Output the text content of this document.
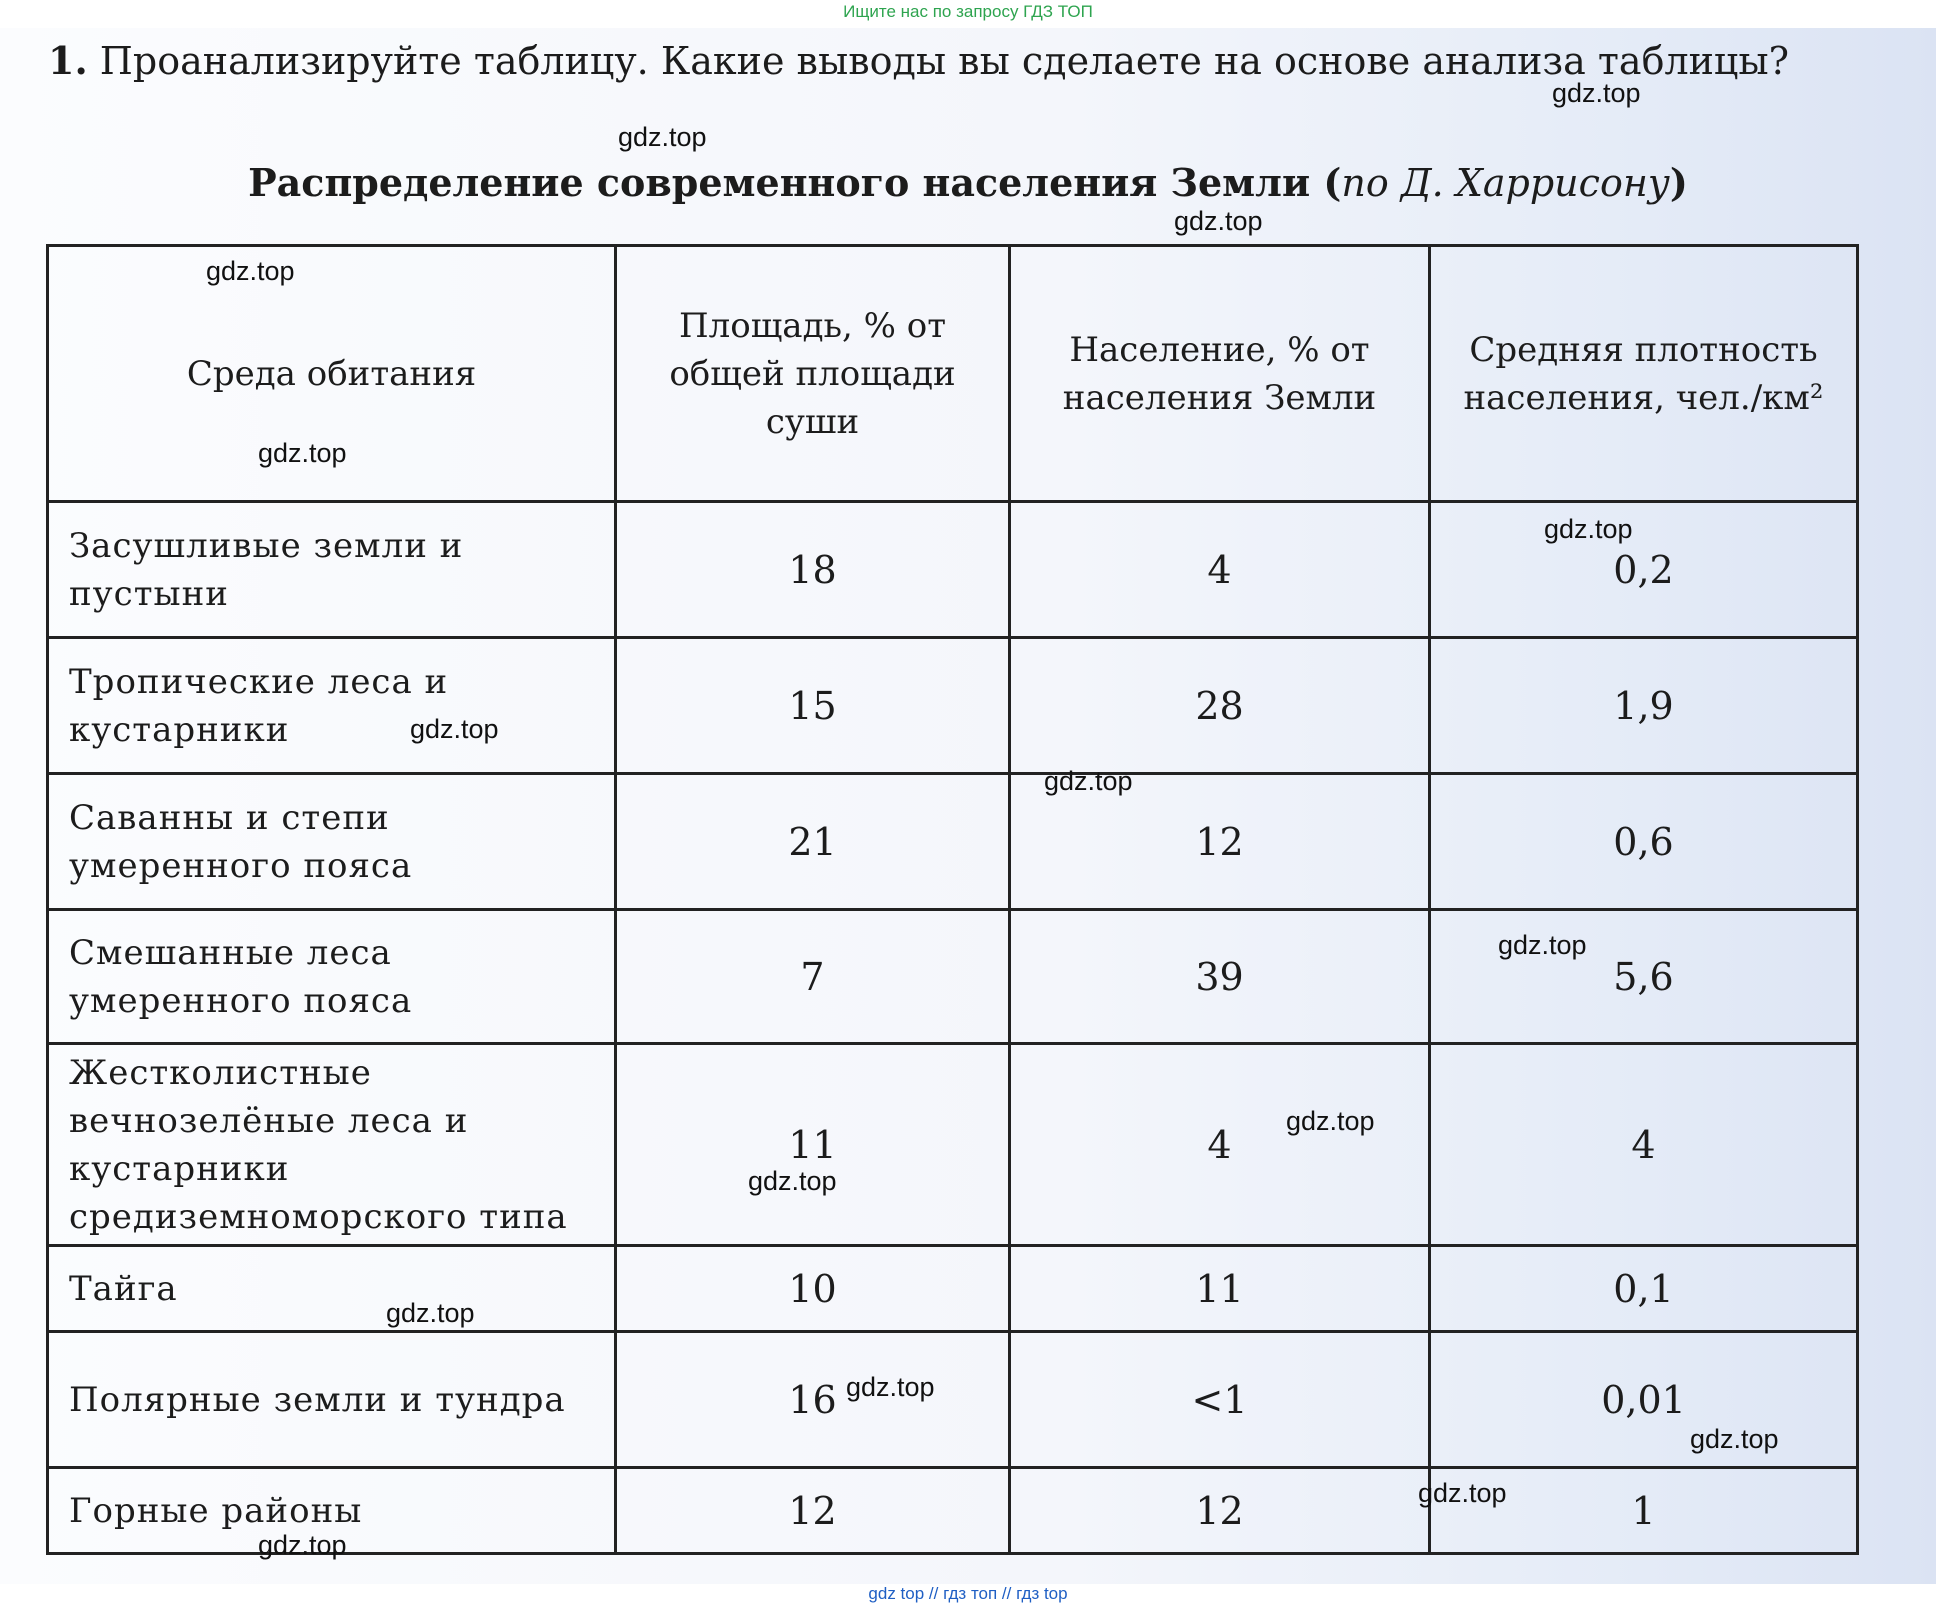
Ищите нас по запросу ГДЗ ТОП
1. Проанализируйте таблицу. Какие выводы вы сделаете на основе анализа таблицы?
Распределение современного населения Земли (по Д. Харрисону)
Среда обитания	Площадь, % от общей площади суши	Население, % от населения Земли	Средняя плотность населения, чел./км²
Засушливые земли и пустыни	18	4	0,2
Тропические леса и кустарники	15	28	1,9
Саванны и степи умеренного пояса	21	12	0,6
Смешанные леса умеренного пояса	7	39	5,6
Жестколистные вечнозелёные леса и кустарники средиземноморского типа	11	4	4
Тайга	10	11	0,1
Полярные земли и тундра	16	<1	0,01
Горные районы	12	12	1
gdz.top
gdz.top
gdz.top
gdz.top
gdz.top
gdz.top
gdz.top
gdz.top
gdz.top
gdz.top
gdz.top
gdz.top
gdz.top
gdz.top
gdz.top
gdz.top
gdz top // гдз топ // гдз top
